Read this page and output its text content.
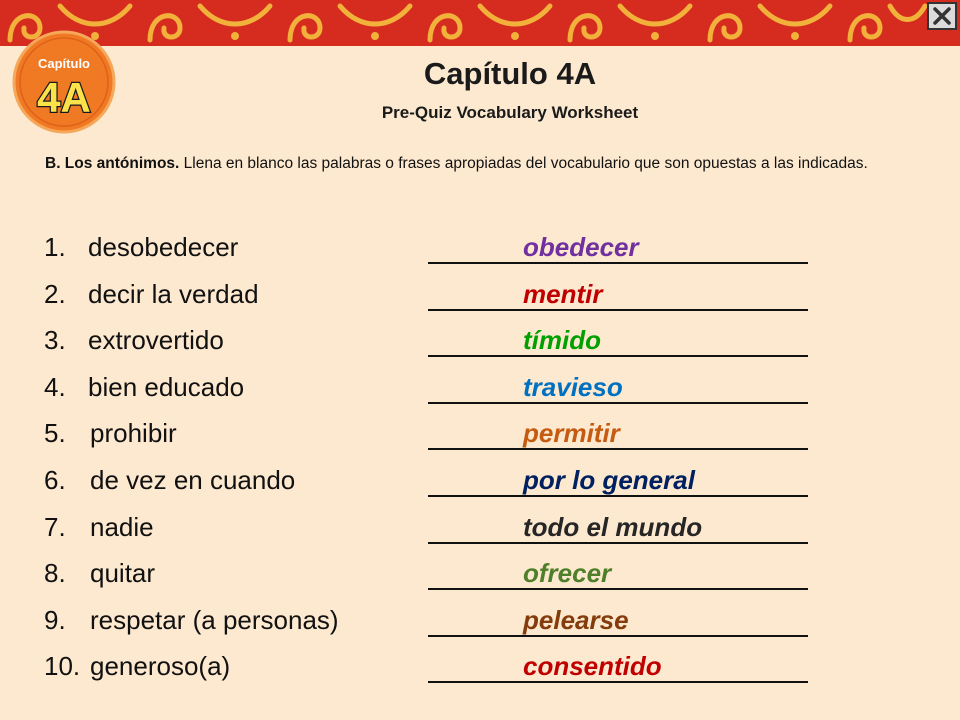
Capítulo
4A
Capítulo 4A
Pre-Quiz Vocabulary Worksheet
B. Los antónimos. Llena en blanco las palabras o frases apropiadas del vocabulario que son opuestas a las indicadas.
1. desobedecer	obedecer
2. decir la verdad	mentir
3. extrovertido	tímido
4. bien educado	travieso
5. prohibir	permitir
6. de vez en cuando	por lo general
7. nadie	todo el mundo
8. quitar	ofrecer
9. respetar (a personas)	pelearse
10. generoso(a)	consentido
